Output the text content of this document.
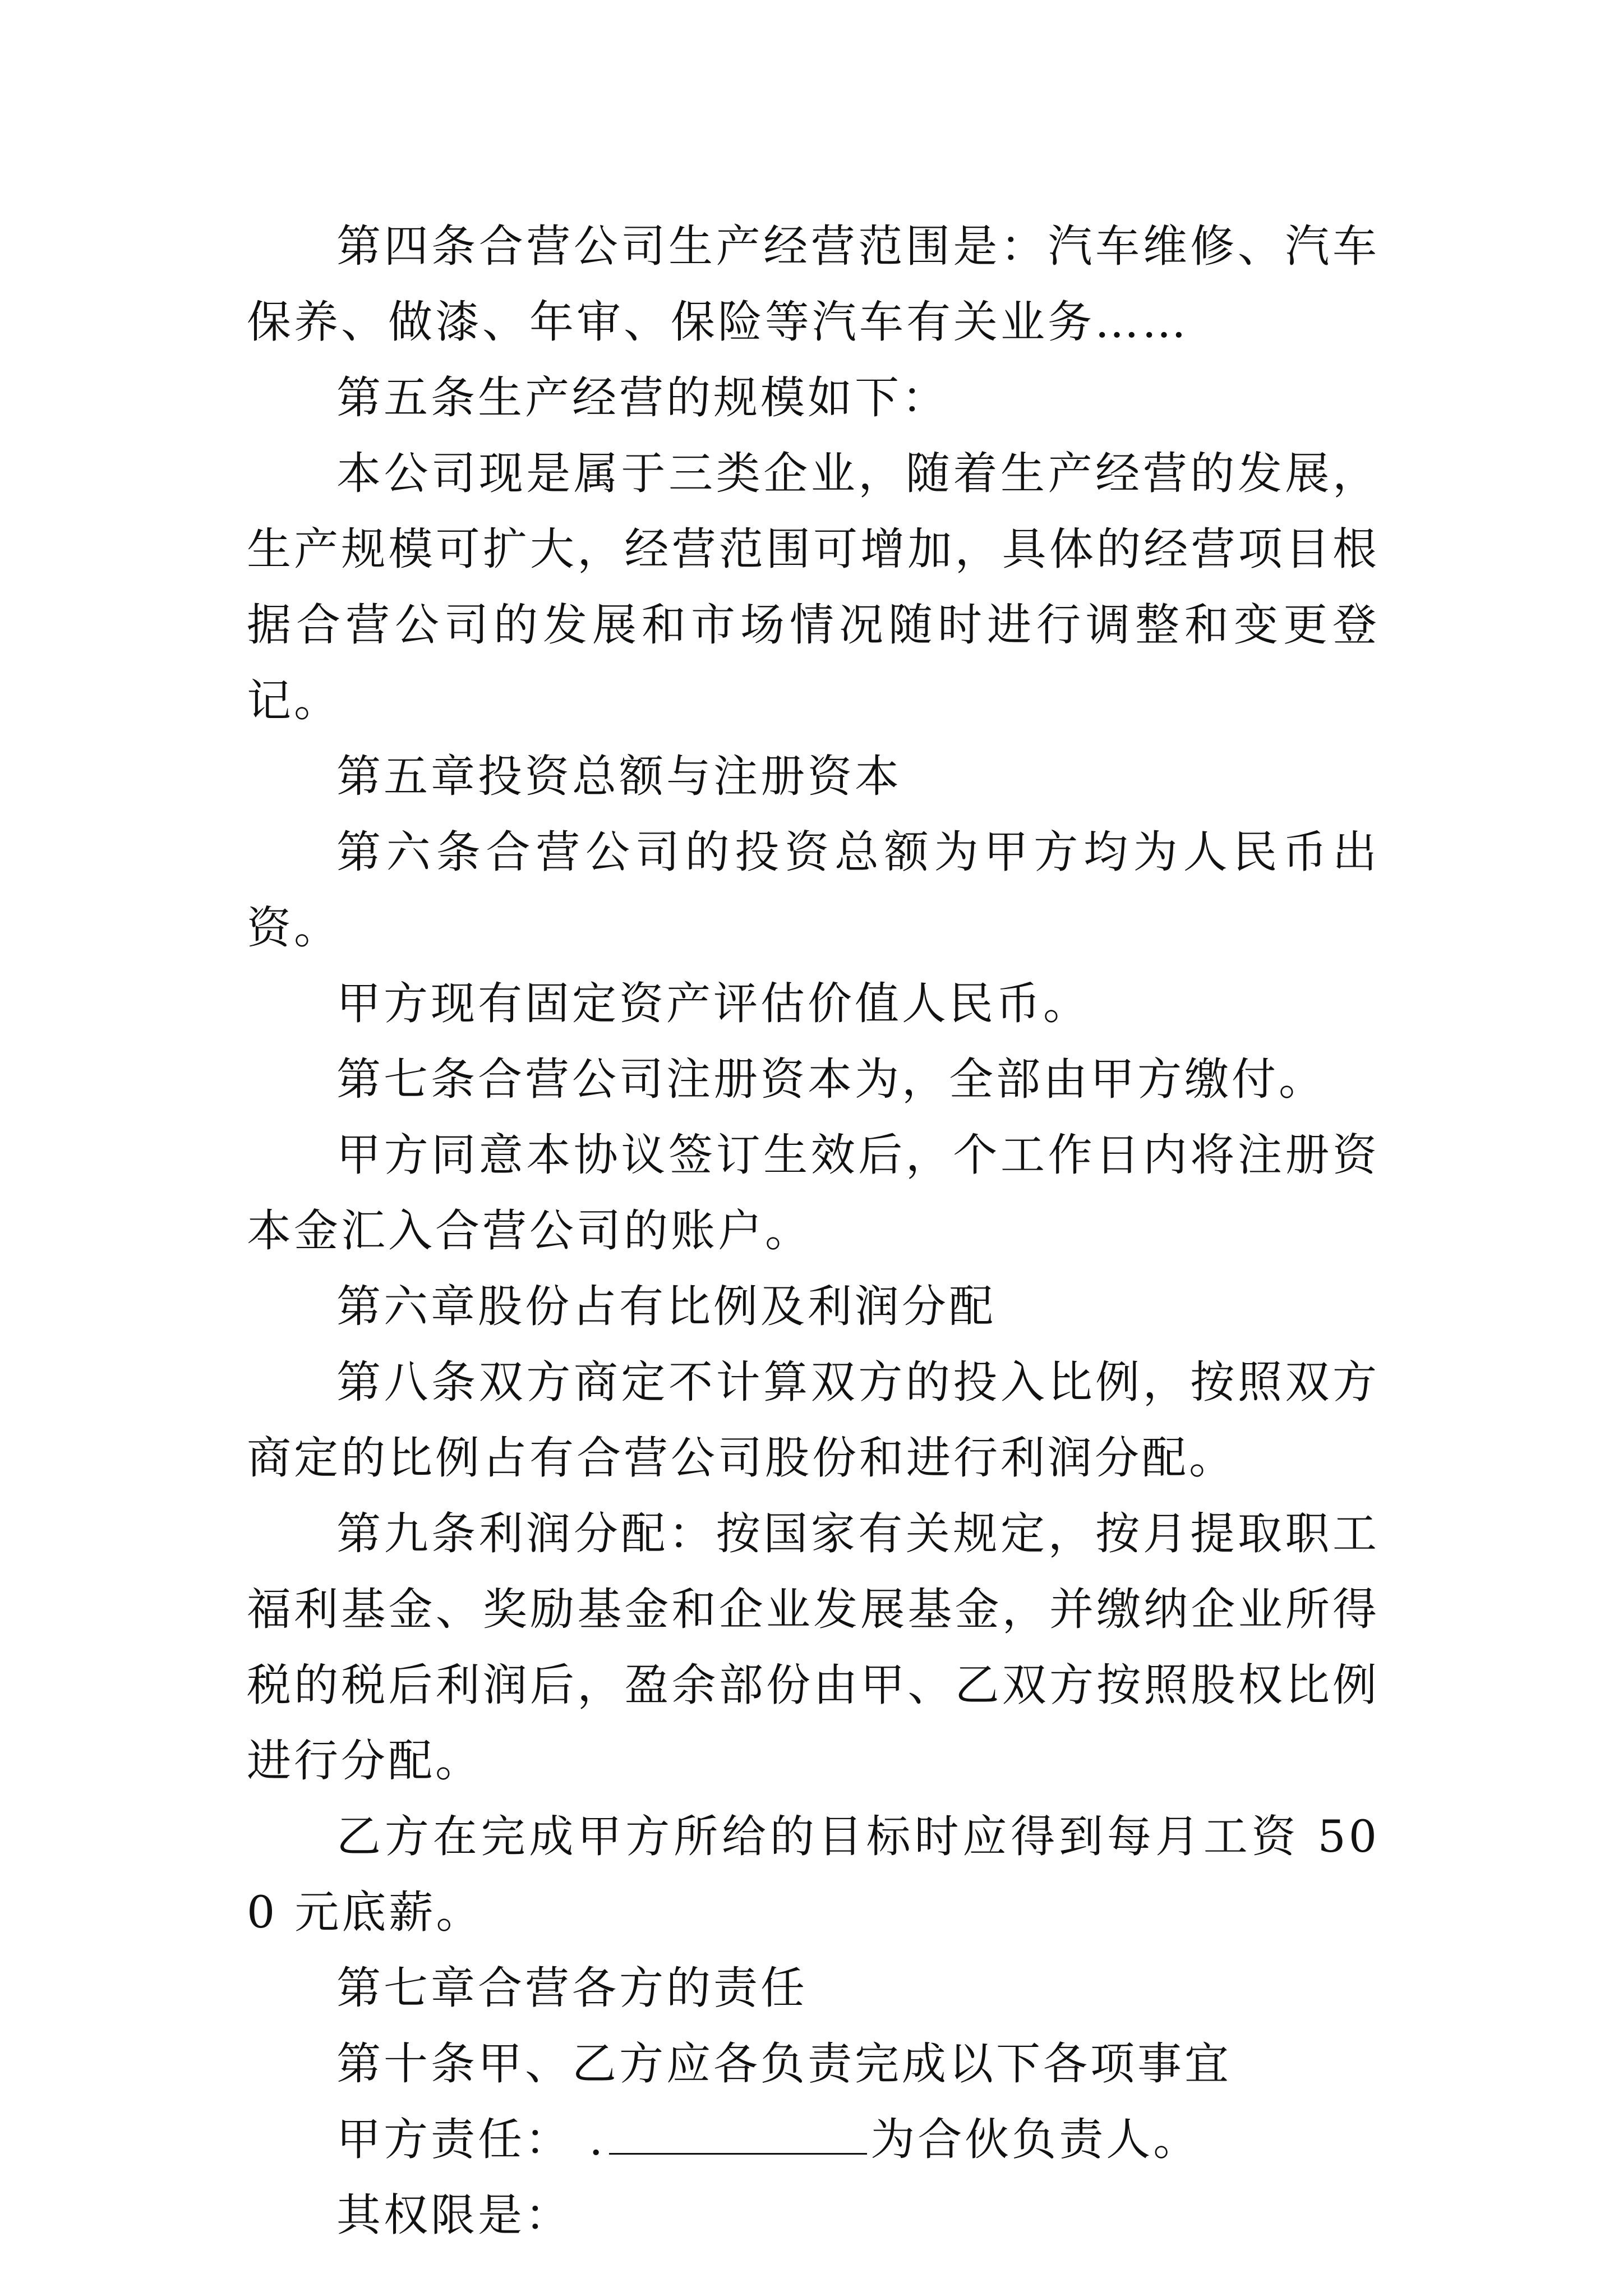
第四条合营公司生产经营范围是：汽车维修、汽车保养、做漆、年审、保险等汽车有关业务……

第五条生产经营的规模如下：

本公司现是属于三类企业，随着生产经营的发展，生产规模可扩大，经营范围可增加，具体的经营项目根据合营公司的发展和市场情况随时进行调整和变更登记。

第五章投资总额与注册资本

第六条合营公司的投资总额为甲方均为人民币出资。

甲方现有固定资产评估价值人民币。

第七条合营公司注册资本为，全部由甲方缴付。

甲方同意本协议签订生效后，个工作日内将注册资本金汇入合营公司的账户。

第六章股份占有比例及利润分配

第八条双方商定不计算双方的投入比例，按照双方商定的比例占有合营公司股份和进行利润分配。

第九条利润分配：按国家有关规定，按月提取职工福利基金、奖励基金和企业发展基金，并缴纳企业所得税的税后利润后，盈余部份由甲、乙双方按照股权比例进行分配。

乙方在完成甲方所给的目标时应得到每月工资 500 元底薪。

第七章合营各方的责任

第十条甲、乙方应各负责完成以下各项事宜

甲方责任： .	为合伙负责人。

其权限是：
